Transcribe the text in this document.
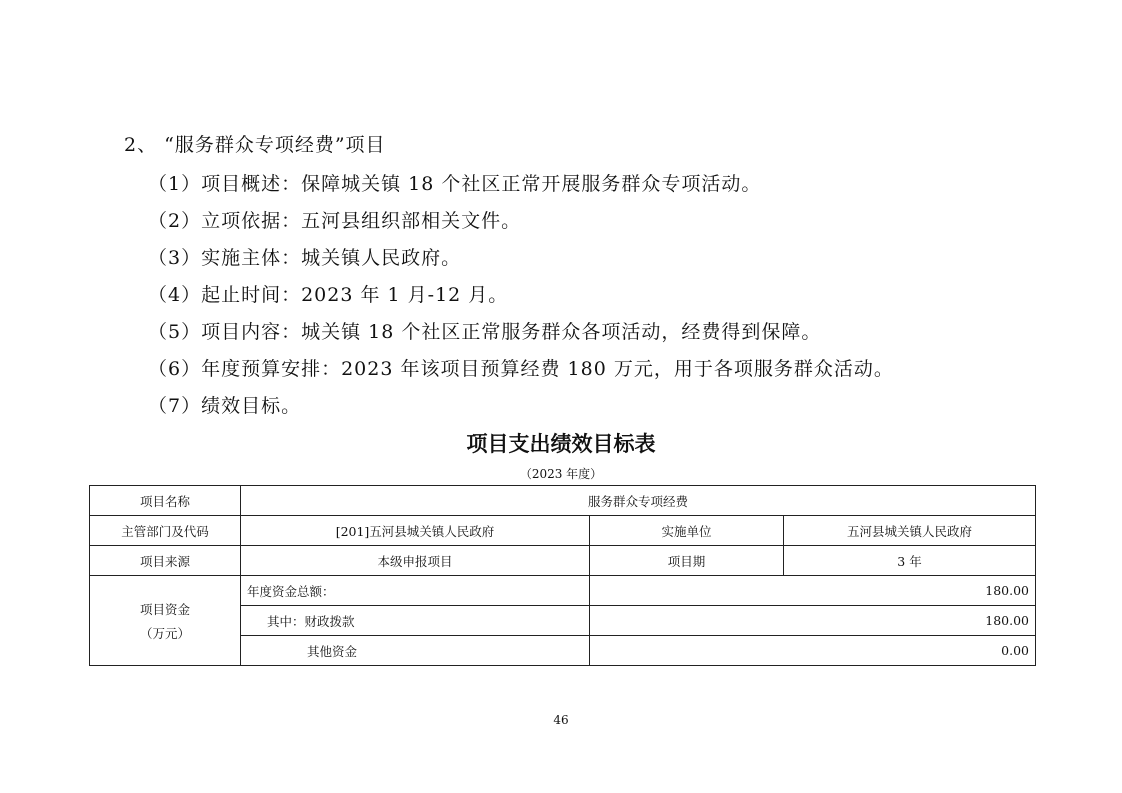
2、 “服务群众专项经费”项目
（1）项目概述：保障城关镇 18 个社区正常开展服务群众专项活动。
（2）立项依据：五河县组织部相关文件。
（3）实施主体：城关镇人民政府。
（4）起止时间：2023 年 1 月-12 月。
（5）项目内容：城关镇 18 个社区正常服务群众各项活动，经费得到保障。
（6）年度预算安排：2023 年该项目预算经费 180 万元，用于各项服务群众活动。
（7）绩效目标。
项目支出绩效目标表
（2023 年度）
项目名称	服务群众专项经费		
主管部门及代码	[201]五河县城关镇人民政府	实施单位	五河县城关镇人民政府
项目来源	本级申报项目	项目期	3 年

项目资金
（万元）	年度资金总额：	180.00	
	其中：财政拨款	180.00	
	其他资金	0.00	
46
